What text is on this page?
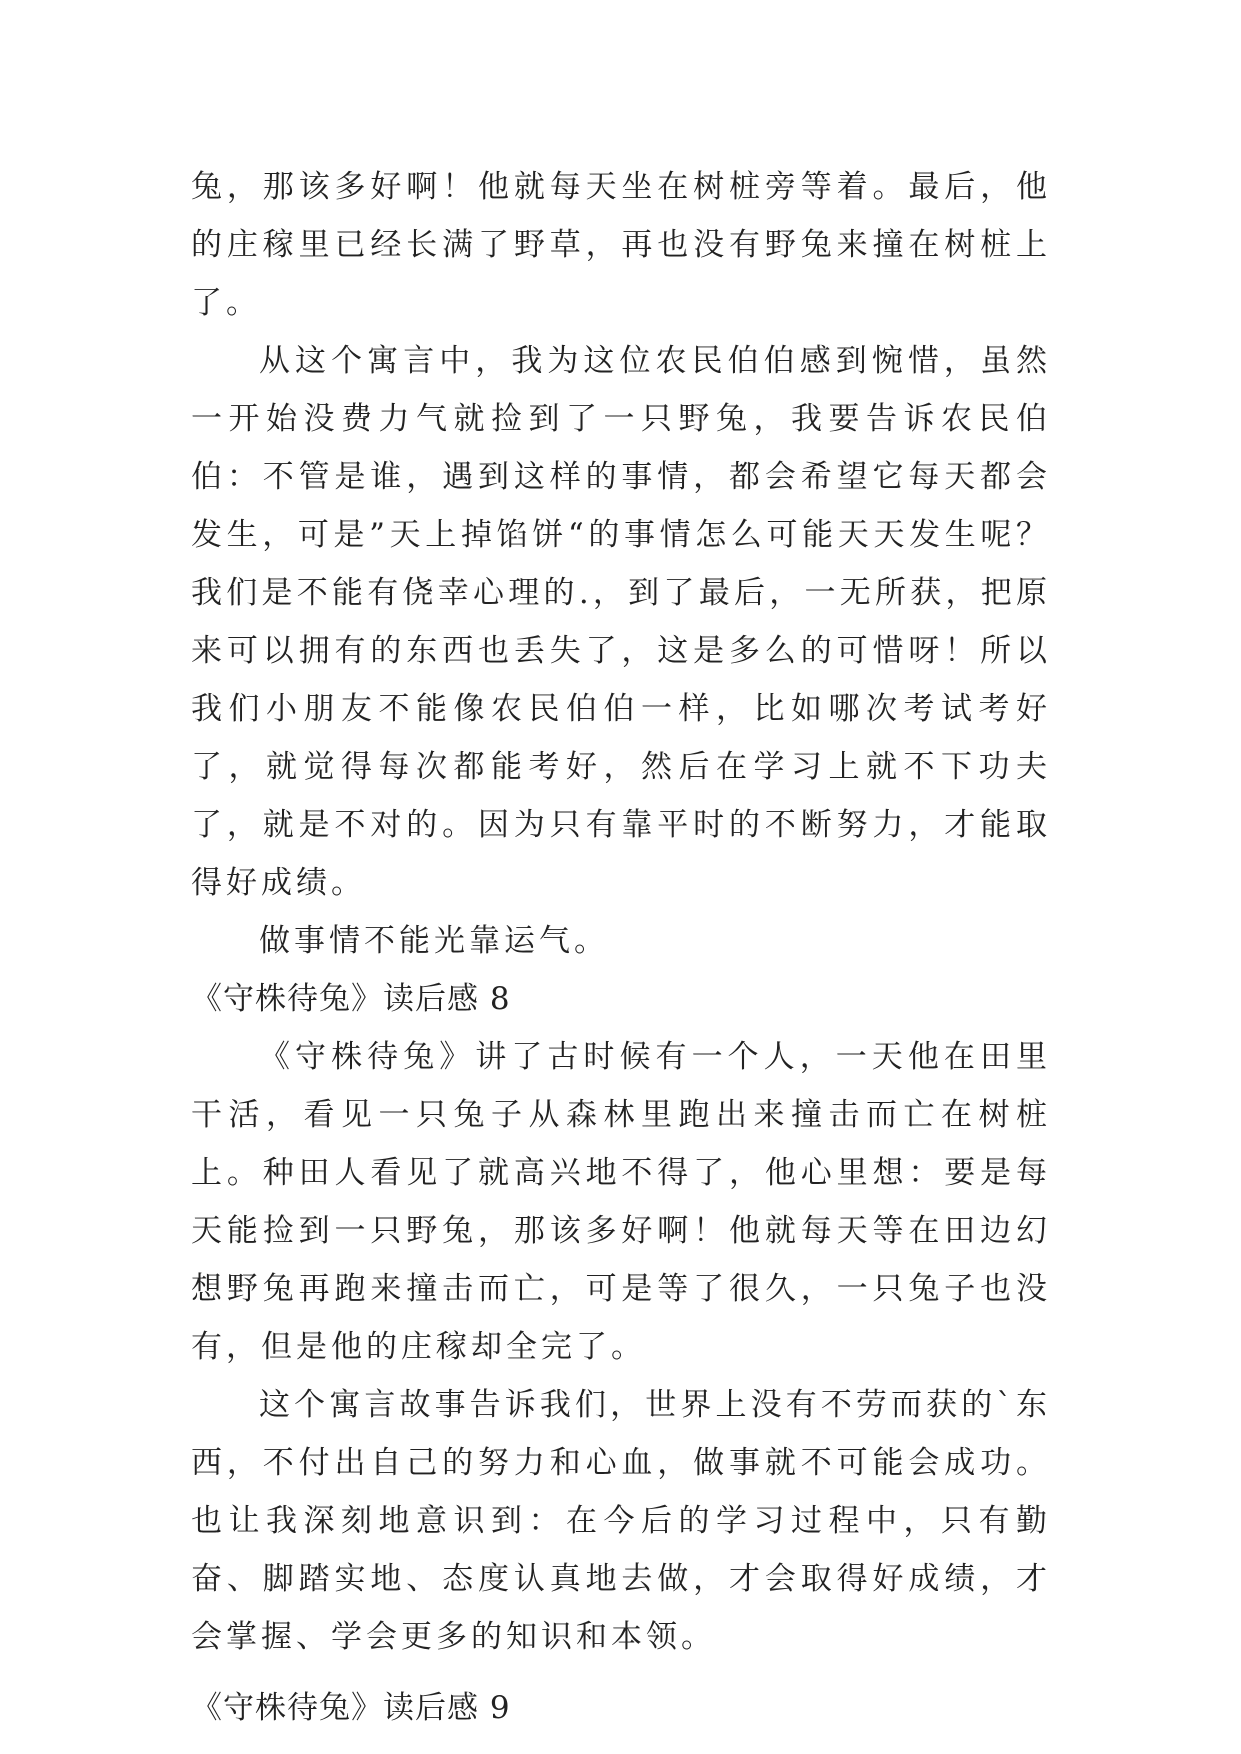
兔，那该多好啊！他就每天坐在树桩旁等着。最后，他的庄稼里已经长满了野草，再也没有野兔来撞在树桩上了。

从这个寓言中，我为这位农民伯伯感到惋惜，虽然一开始没费力气就捡到了一只野兔，我要告诉农民伯伯：不管是谁，遇到这样的事情，都会希望它每天都会发生，可是”天上掉馅饼“的事情怎么可能天天发生呢？我们是不能有侥幸心理的.，到了最后，一无所获，把原来可以拥有的东西也丢失了，这是多么的可惜呀！所以我们小朋友不能像农民伯伯一样，比如哪次考试考好了，就觉得每次都能考好，然后在学习上就不下功夫了，就是不对的。因为只有靠平时的不断努力，才能取得好成绩。

做事情不能光靠运气。

《守株待兔》读后感 8

《守株待兔》讲了古时候有一个人，一天他在田里干活，看见一只兔子从森林里跑出来撞击而亡在树桩上。种田人看见了就高兴地不得了，他心里想：要是每天能捡到一只野兔，那该多好啊！他就每天等在田边幻想野兔再跑来撞击而亡，可是等了很久，一只兔子也没有，但是他的庄稼却全完了。

这个寓言故事告诉我们，世界上没有不劳而获的`东西，不付出自己的努力和心血，做事就不可能会成功。也让我深刻地意识到：在今后的学习过程中，只有勤奋、脚踏实地、态度认真地去做，才会取得好成绩，才会掌握、学会更多的知识和本领。

《守株待兔》读后感 9
